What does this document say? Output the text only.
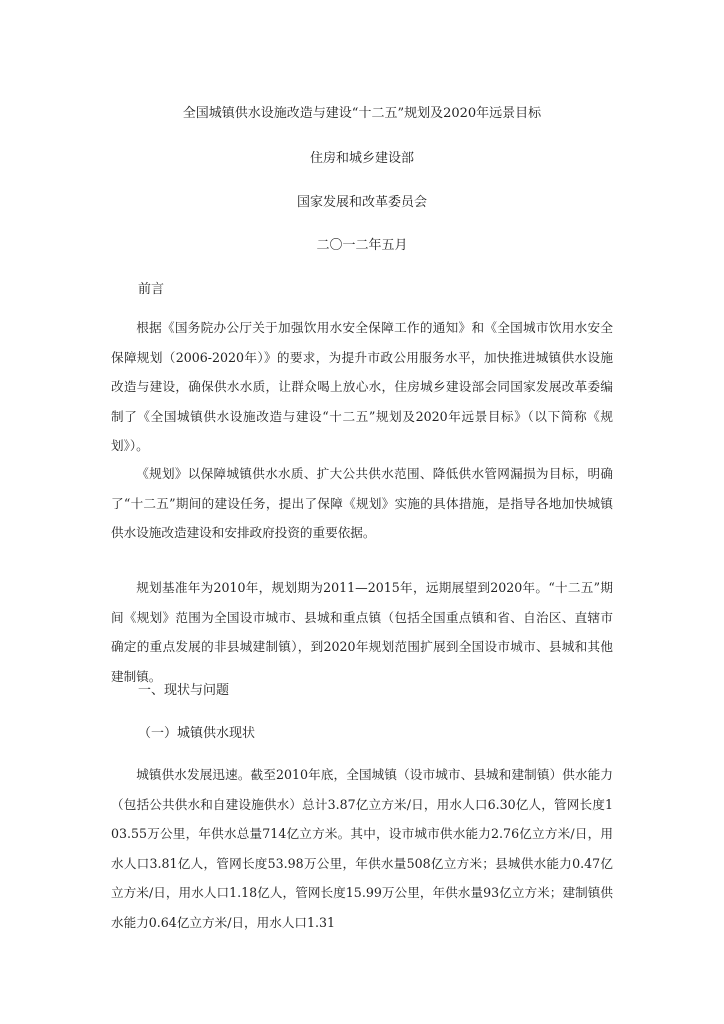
全国城镇供水设施改造与建设“十二五”规划及2020年远景目标
住房和城乡建设部
国家发展和改革委员会
二〇一二年五月
前言

根据《国务院办公厅关于加强饮用水安全保障工作的通知》和《全国城市饮用水安全保障规划（2006-2020年）》的要求，为提升市政公用服务水平，加快推进城镇供水设施改造与建设，确保供水水质，让群众喝上放心水，住房城乡建设部会同国家发展改革委编制了《全国城镇供水设施改造与建设“十二五”规划及2020年远景目标》（以下简称《规划》）。

《规划》以保障城镇供水水质、扩大公共供水范围、降低供水管网漏损为目标，明确了“十二五”期间的建设任务，提出了保障《规划》实施的具体措施，是指导各地加快城镇供水设施改造建设和安排政府投资的重要依据。

规划基准年为2010年，规划期为2011—2015年，远期展望到2020年。“十二五”期间《规划》范围为全国设市城市、县城和重点镇（包括全国重点镇和省、自治区、直辖市确定的重点发展的非县城建制镇），到2020年规划范围扩展到全国设市城市、县城和其他建制镇。

一、现状与问题
（一）城镇供水现状

城镇供水发展迅速。截至2010年底，全国城镇（设市城市、县城和建制镇）供水能力（包括公共供水和自建设施供水）总计3.87亿立方米/日，用水人口6.30亿人，管网长度103.55万公里，年供水总量714亿立方米。其中，设市城市供水能力2.76亿立方米/日，用水人口3.81亿人，管网长度53.98万公里，年供水量508亿立方米；县城供水能力0.47亿立方米/日，用水人口1.18亿人，管网长度15.99万公里，年供水量93亿立方米；建制镇供水能力0.64亿立方米/日，用水人口1.31
